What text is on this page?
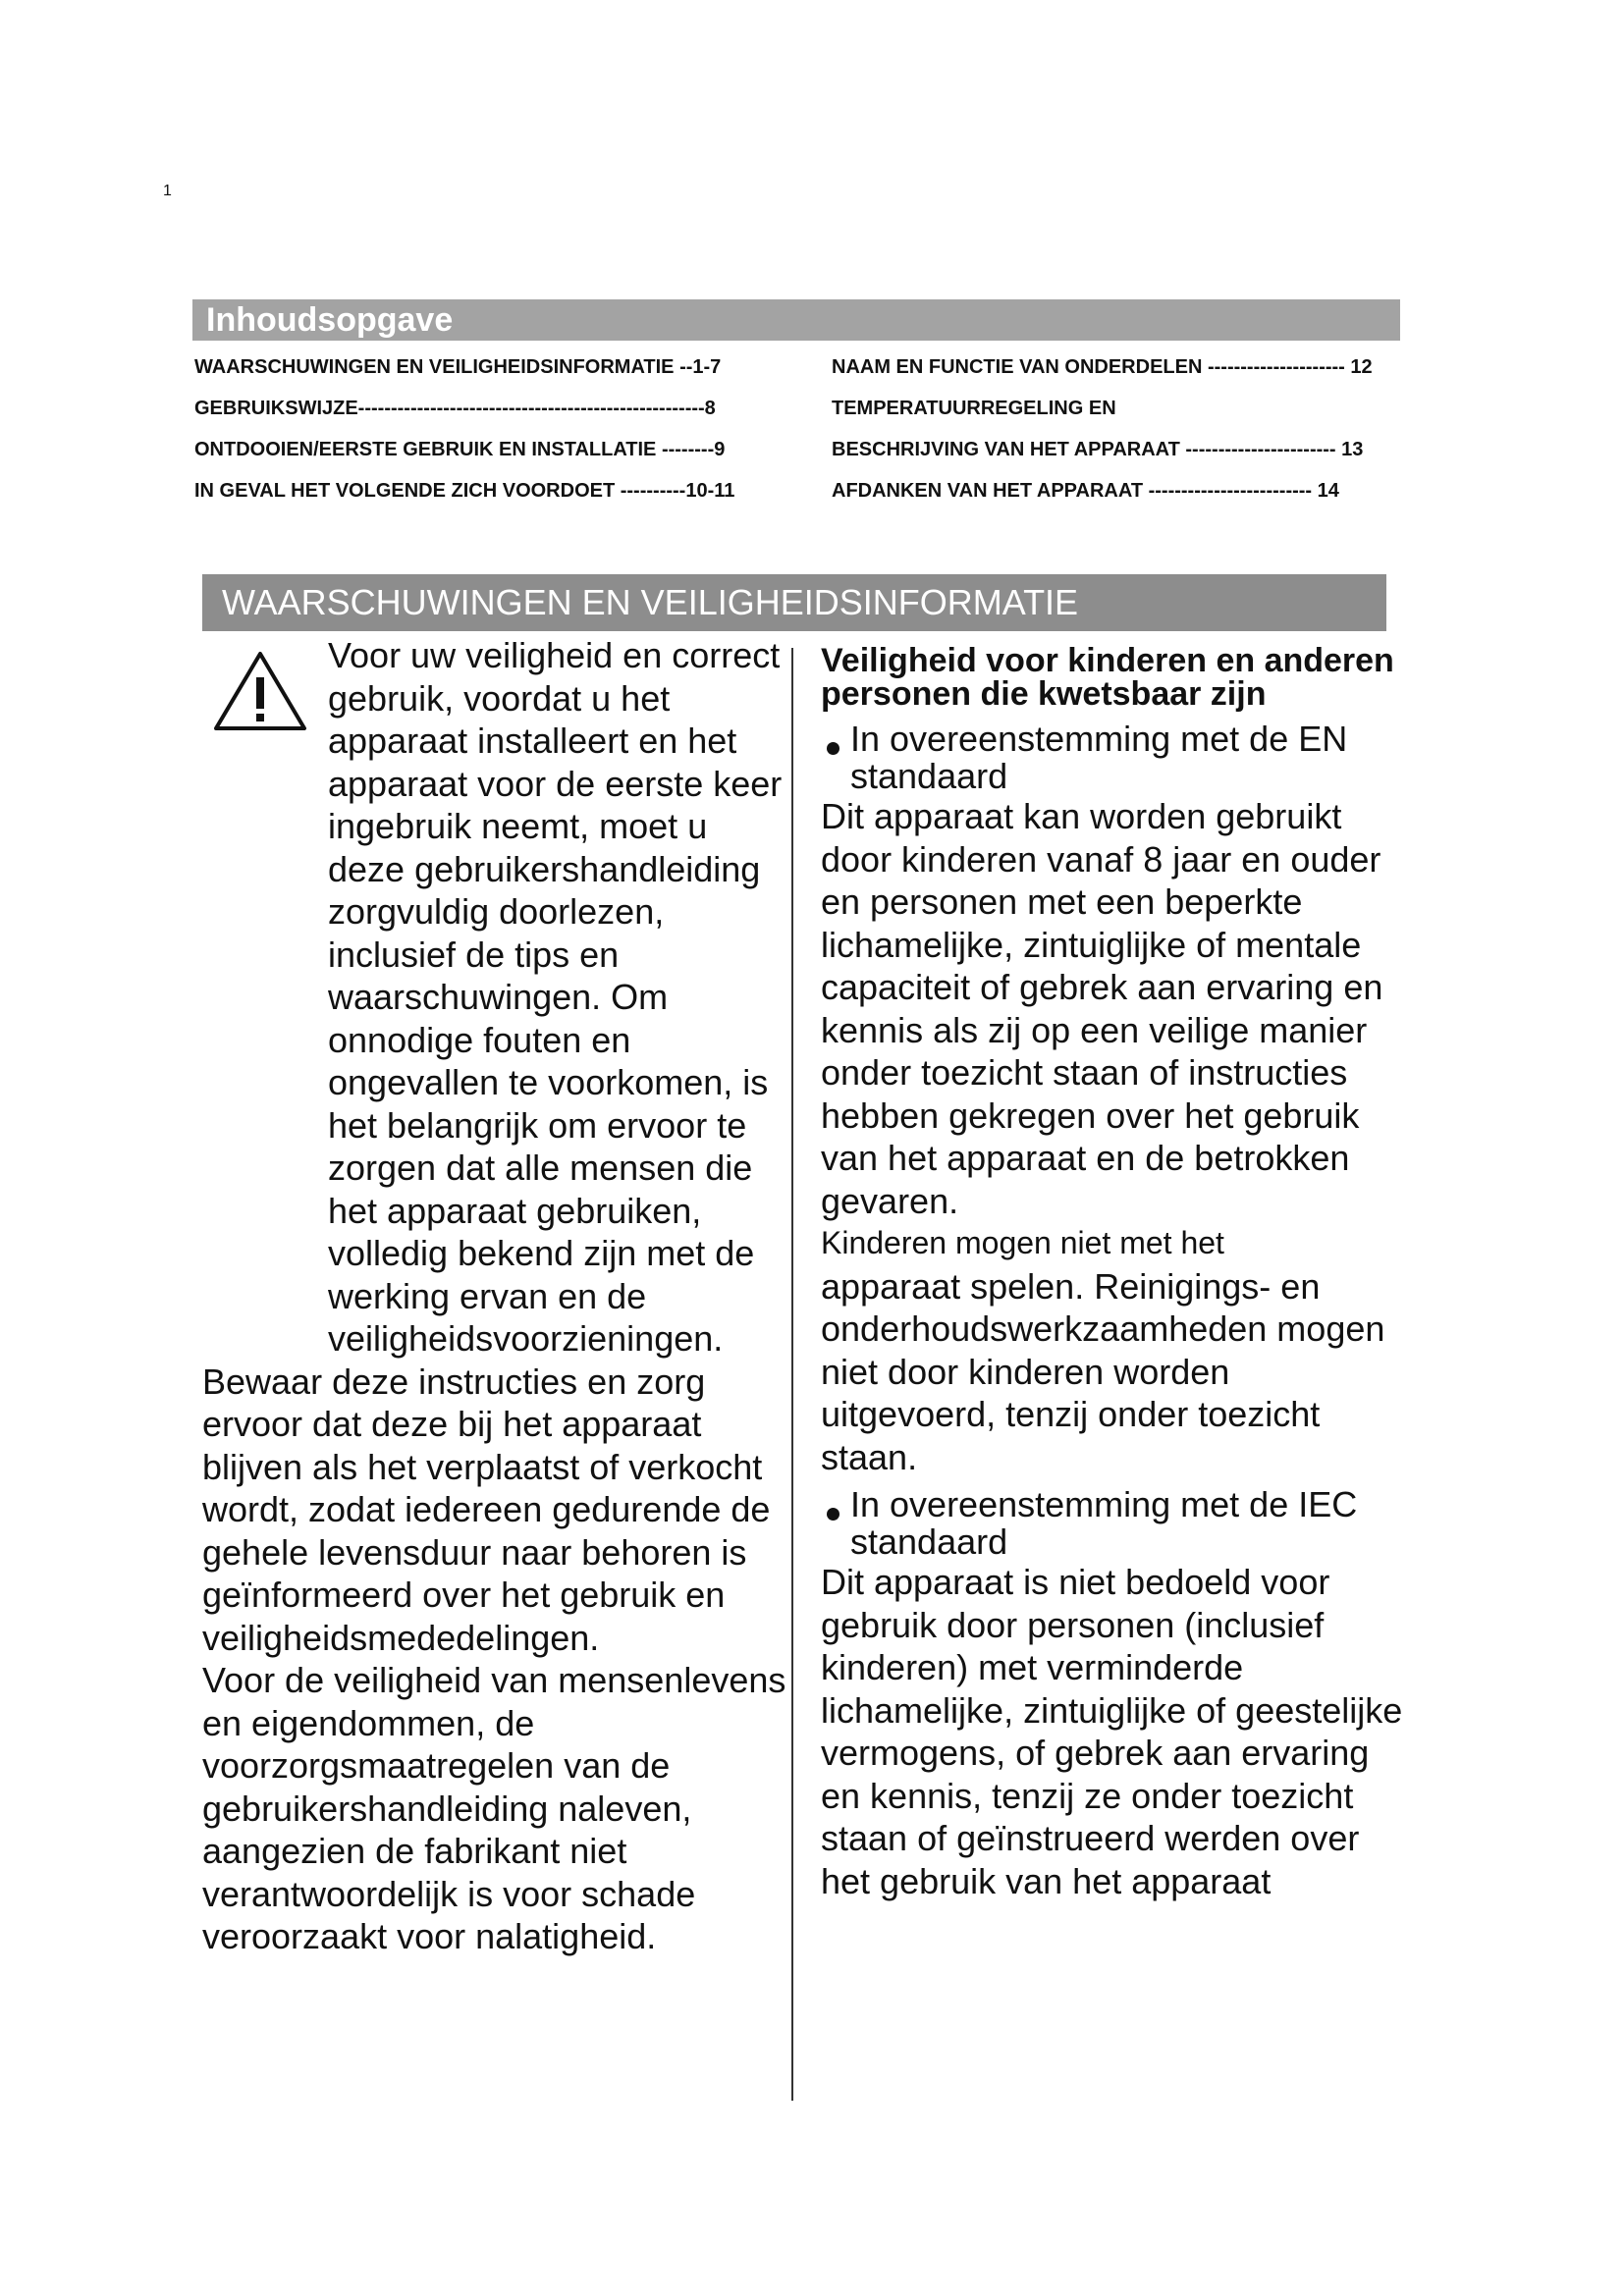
1
Inhoudsopgave
WAARSCHUWINGEN EN VEILIGHEIDSINFORMATIE --1-7
GEBRUIKSWIJZE-----------------------------------------------------8
ONTDOOIEN/EERSTE GEBRUIK EN INSTALLATIE --------9
IN GEVAL HET VOLGENDE ZICH VOORDOET ----------10-11
NAAM EN FUNCTIE VAN ONDERDELEN --------------------- 12
TEMPERATUURREGELING EN
BESCHRIJVING VAN HET APPARAAT ----------------------- 13
AFDANKEN VAN HET APPARAAT ------------------------- 14
WAARSCHUWINGEN EN VEILIGHEIDSINFORMATIE

Voor uw veiligheid en correct gebruik, voordat u het apparaat installeert en het apparaat voor de eerste keer ingebruik neemt, moet u deze gebruikershandleiding zorgvuldig doorlezen, inclusief de tips en waarschuwingen. Om onnodige fouten en ongevallen te voorkomen, is het belangrijk om ervoor te zorgen dat alle mensen die het apparaat gebruiken, volledig bekend zijn met de werking ervan en de veiligheidsvoorzieningen.

Bewaar deze instructies en zorg ervoor dat deze bij het apparaat blijven als het verplaatst of verkocht wordt, zodat iedereen gedurende de gehele levensduur naar behoren is geïnformeerd over het gebruik en veiligheidsmededelingen.

Voor de veiligheid van mensenlevens en eigendommen, de voorzorgsmaatregelen van de gebruikershandleiding naleven, aangezien de fabrikant niet verantwoordelijk is voor schade veroorzaakt voor nalatigheid.

Veiligheid voor kinderen en anderen personen die kwetsbaar zijn
In overeenstemming met de EN standaard

Dit apparaat kan worden gebruikt door kinderen vanaf 8 jaar en ouder en personen met een beperkte lichamelijke, zintuiglijke of mentale capaciteit of gebrek aan ervaring en kennis als zij op een veilige manier onder toezicht staan of instructies hebben gekregen over het gebruik van het apparaat en de betrokken gevaren.

Kinderen mogen niet met het

apparaat spelen. Reinigings- en onderhoudswerkzaamheden mogen niet door kinderen worden uitgevoerd, tenzij onder toezicht staan.

In overeenstemming met de IEC standaard

Dit apparaat is niet bedoeld voor gebruik door personen (inclusief kinderen) met verminderde lichamelijke, zintuiglijke of geestelijke vermogens, of gebrek aan ervaring en kennis, tenzij ze onder toezicht staan of geïnstrueerd werden over het gebruik van het apparaat
